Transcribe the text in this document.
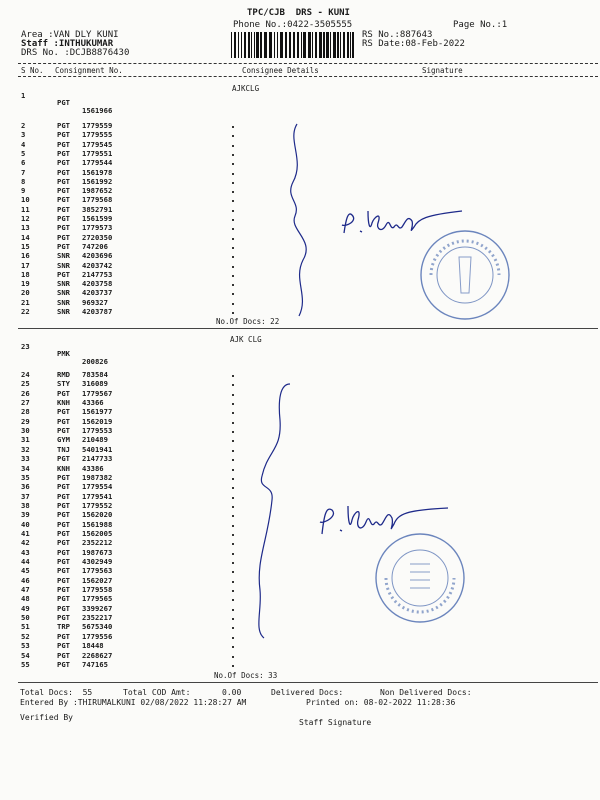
TPC/CJB  DRS - KUNI
Phone No.:0422-3505555	Page No.:1
Area :VAN DLY KUNI
Staff :INTHUKUMAR
DRS No. :DCJB8876430
RS No.:887643
RS Date:08-Feb-2022
S No. Consignment No.	Consignee Details	Signature

1

PGT

1561966

AJKCLG
2	PGT 1779559
3	PGT 1779555
4	PGT 1779545
5	PGT 1779551
6	PGT 1779544
7	PGT 1561978
8	PGT 1561992
9	PGT 1987652
10	PGT 1779568
11	PGT 3852791
12	PGT 1561599
13	PGT 1779573
14	PGT 2720350
15	PGT 747206
16	SNR 4203696
17	SNR 4203742
18	PGT 2147753
19	SNR 4203758
20	SNR 4203737
21	SNR 969327
22	SNR 4203787
No.Of Docs: 22

23

PMK

200826

AJK CLG
24	RMD 783584
25	STY 316089
26	PGT 1779567
27	KNH 43366
28	PGT 1561977
29	PGT 1562019
30	PGT 1779553
31	GYM 210489
32	TNJ 5401941
33	PGT 2147733
34	KNH 43386
35	PGT 1987382
36	PGT 1779554
37	PGT 1779541
38	PGT 1779552
39	PGT 1562020
40	PGT 1561988
41	PGT 1562005
42	PGT 2352212
43	PGT 1987673
44	PGT 4302949
45	PGT 1779563
46	PGT 1562027
47	PGT 1779558
48	PGT 1779565
49	PGT 3399267
50	PGT 2352217
51	TRP 5675340
52	PGT 1779556
53	PGT 18448
54	PGT 2268627
55	PGT 747165
No.Of Docs: 33
Total Docs:  55	Total COD Amt:	0.00	Delivered Docs:	Non Delivered Docs:
Entered By :THIRUMALKUNI 02/08/2022 11:28:27 AM	Printed on: 08-02-2022 11:28:36
Verified By
Staff Signature
